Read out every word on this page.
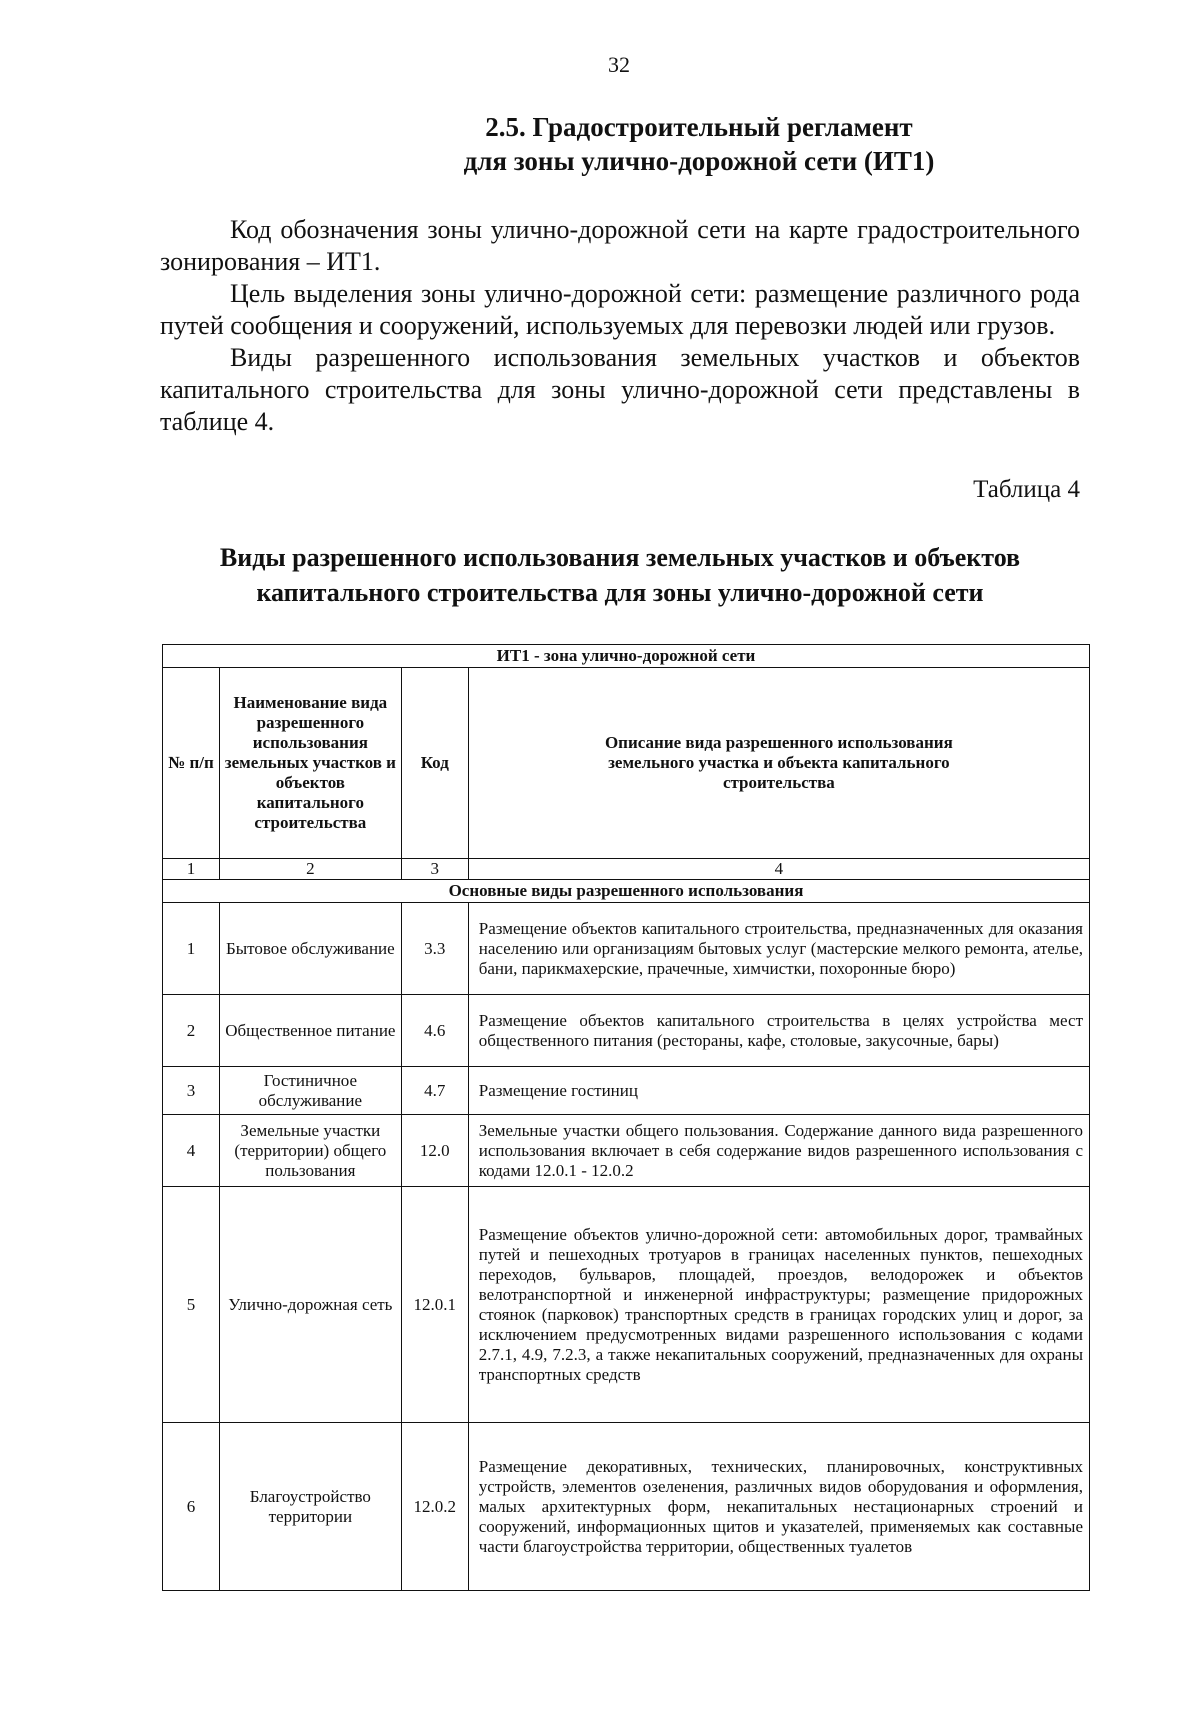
32
2.5. Градостроительный регламент
для зоны улично-дорожной сети (ИТ1)

Код обозначения зоны улично-дорожной сети на карте градостроительного зонирования – ИТ1.

Цель выделения зоны улично-дорожной сети: размещение различного рода путей сообщения и сооружений, используемых для перевозки людей или грузов.

Виды разрешенного использования земельных участков и объектов капитального строительства для зоны улично-дорожной сети представлены в таблице 4.

Таблица 4
Виды разрешенного использования земельных участков и объектов
капитального строительства для зоны улично-дорожной сети
ИТ1 - зона улично-дорожной сети			
№ п/п	Наименование вида разрешенного использования земельных участков и объектов капитального строительства	Код	Описание вида разрешенного использования земельного участка и объекта капитального строительства
1	2	3	4
Основные виды разрешенного использования			
1	Бытовое обслуживание	3.3	Размещение объектов капитального строительства, предназначенных для оказания населению или организациям бытовых услуг (мастерские мелкого ремонта, ателье, бани, парикмахерские, прачечные, химчистки, похоронные бюро)
2	Общественное питание	4.6	Размещение объектов капитального строительства в целях устройства мест общественного питания (рестораны, кафе, столовые, закусочные, бары)
3	Гостиничное обслуживание	4.7	Размещение гостиниц
4	Земельные участки (территории) общего пользования	12.0	Земельные участки общего пользования. Содержание данного вида разрешенного использования включает в себя содержание видов разрешенного использования с кодами 12.0.1 - 12.0.2
5	Улично-дорожная сеть	12.0.1	Размещение объектов улично-дорожной сети: автомобильных дорог, трамвайных путей и пешеходных тротуаров в границах населенных пунктов, пешеходных переходов, бульваров, площадей, проездов, велодорожек и объектов велотранспортной и инженерной инфраструктуры; размещение придорожных стоянок (парковок) транспортных средств в границах городских улиц и дорог, за исключением предусмотренных видами разрешенного использования с кодами 2.7.1, 4.9, 7.2.3, а также некапитальных сооружений, предназначенных для охраны транспортных средств
6	Благоустройство территории	12.0.2	Размещение декоративных, технических, планировочных, конструктивных устройств, элементов озеленения, различных видов оборудования и оформления, малых архитектурных форм, некапитальных нестационарных строений и сооружений, информационных щитов и указателей, применяемых как составные части благоустройства территории, общественных туалетов
